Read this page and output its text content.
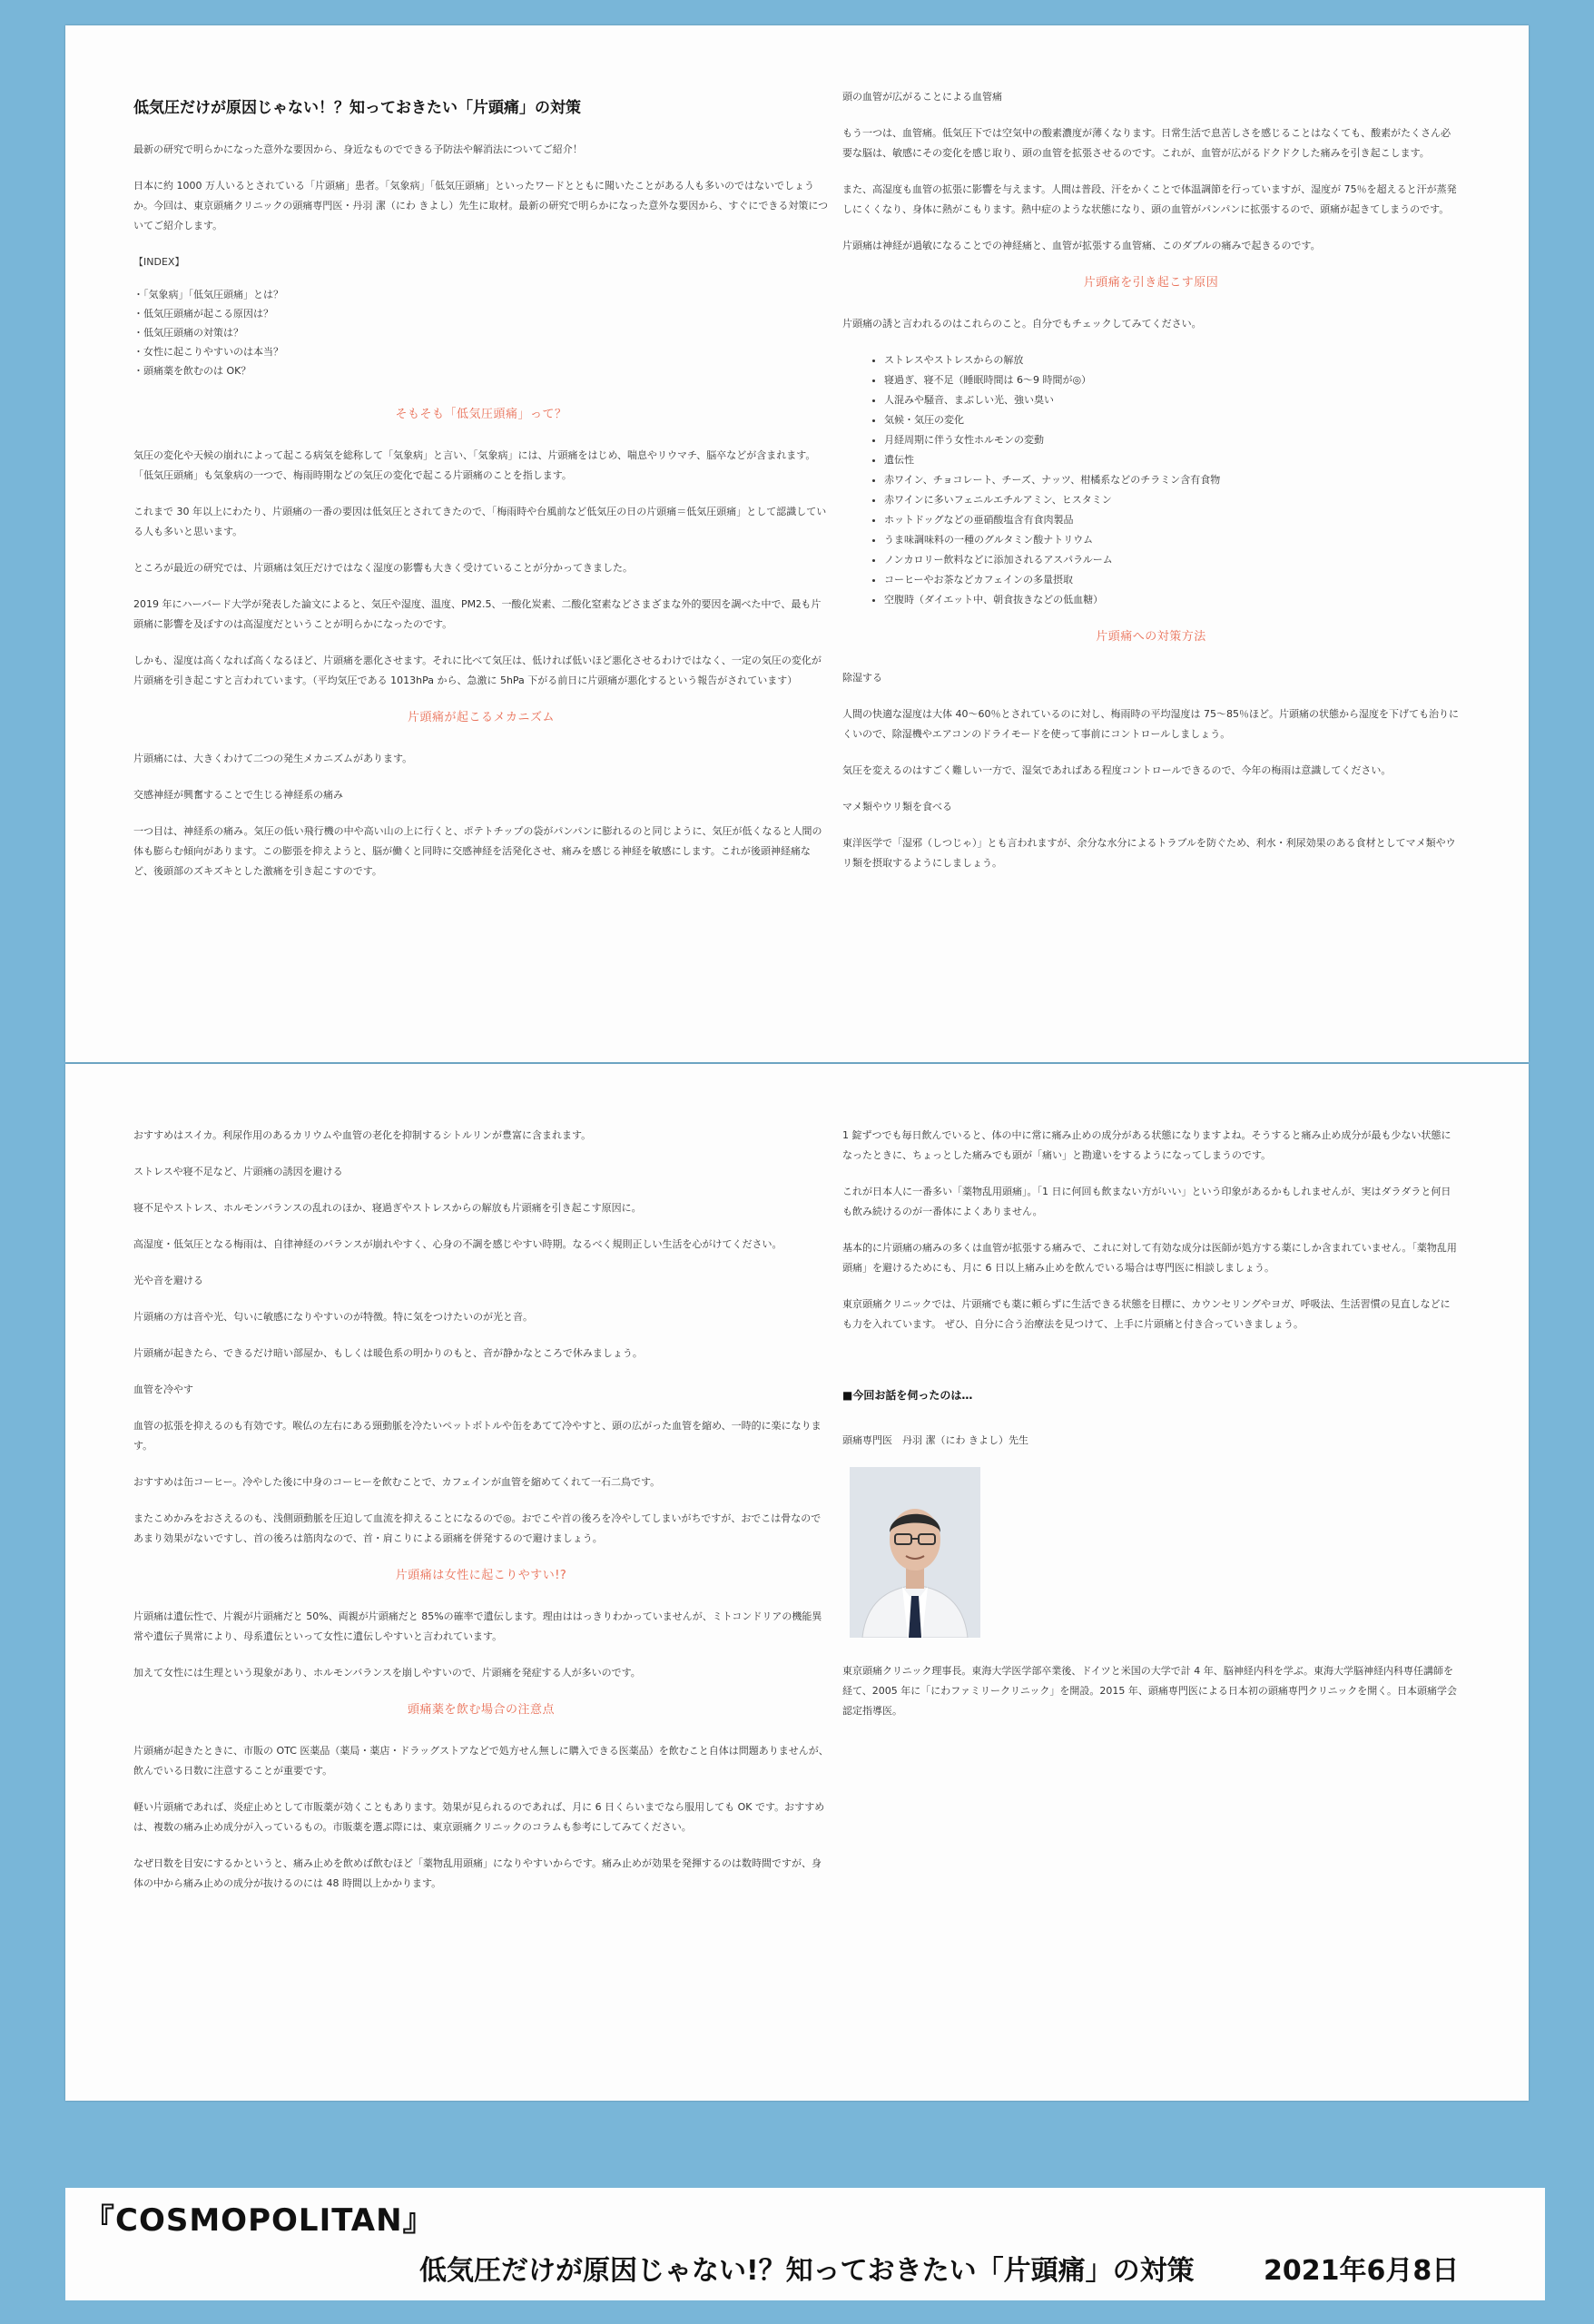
低気圧だけが原因じゃない！？知っておきたい「片頭痛」の対策

最新の研究で明らかになった意外な要因から、身近なものでできる予防法や解消法についてご紹介！

日本に約 1000 万人いるとされている「片頭痛」患者。「気象病」「低気圧頭痛」といったワードとともに聞いたことがある人も多いのではないでしょうか。今回は、東京頭痛クリニックの頭痛専門医・丹羽 潔（にわ きよし）先生に取材。最新の研究で明らかになった意外な要因から、すぐにできる対策についてご紹介します。

【INDEX】

・「気象病」「低気圧頭痛」とは？
・低気圧頭痛が起こる原因は？
・低気圧頭痛の対策は？
・女性に起こりやすいのは本当？
・頭痛薬を飲むのは OK？
そもそも「低気圧頭痛」って？

気圧の変化や天候の崩れによって起こる病気を総称して「気象病」と言い、「気象病」には、片頭痛をはじめ、喘息やリウマチ、脳卒などが含まれます。「低気圧頭痛」も気象病の一つで、梅雨時期などの気圧の変化で起こる片頭痛のことを指します。

これまで 30 年以上にわたり、片頭痛の一番の要因は低気圧とされてきたので、「梅雨時や台風前など低気圧の日の片頭痛＝低気圧頭痛」として認識している人も多いと思います。

ところが最近の研究では、片頭痛は気圧だけではなく湿度の影響も大きく受けていることが分かってきました。

2019 年にハーバード大学が発表した論文によると、気圧や湿度、温度、PM2.5、一酸化炭素、二酸化窒素などさまざまな外的要因を調べた中で、最も片頭痛に影響を及ぼすのは高湿度だということが明らかになったのです。

しかも、湿度は高くなれば高くなるほど、片頭痛を悪化させます。それに比べて気圧は、低ければ低いほど悪化させるわけではなく、一定の気圧の変化が片頭痛を引き起こすと言われています。（平均気圧である 1013hPa から、急激に 5hPa 下がる前日に片頭痛が悪化するという報告がされています）

片頭痛が起こるメカニズム

片頭痛には、大きくわけて二つの発生メカニズムがあります。

交感神経が興奮することで生じる神経系の痛み

一つ目は、神経系の痛み。気圧の低い飛行機の中や高い山の上に行くと、ポテトチップの袋がパンパンに膨れるのと同じように、気圧が低くなると人間の体も膨らむ傾向があります。この膨張を抑えようと、脳が働くと同時に交感神経を活発化させ、痛みを感じる神経を敏感にします。これが後頭神経痛など、後頭部のズキズキとした激痛を引き起こすのです。

頭の血管が広がることによる血管痛

もう一つは、血管痛。低気圧下では空気中の酸素濃度が薄くなります。日常生活で息苦しさを感じることはなくても、酸素がたくさん必要な脳は、敏感にその変化を感じ取り、頭の血管を拡張させるのです。これが、血管が広がるドクドクした痛みを引き起こします。

また、高湿度も血管の拡張に影響を与えます。人間は普段、汗をかくことで体温調節を行っていますが、湿度が 75％を超えると汗が蒸発しにくくなり、身体に熱がこもります。熱中症のような状態になり、頭の血管がパンパンに拡張するので、頭痛が起きてしまうのです。

片頭痛は神経が過敏になることでの神経痛と、血管が拡張する血管痛、このダブルの痛みで起きるのです。

片頭痛を引き起こす原因

片頭痛の誘と言われるのはこれらのこと。自分でもチェックしてみてください。

• ストレスやストレスからの解放
• 寝過ぎ、寝不足（睡眠時間は 6～9 時間が◎）
• 人混みや騒音、まぶしい光、強い臭い
• 気候・気圧の変化
• 月経周期に伴う女性ホルモンの変動
• 遺伝性
• 赤ワイン、チョコレート、チーズ、ナッツ、柑橘系などのチラミン含有食物
• 赤ワインに多いフェニルエチルアミン、ヒスタミン
• ホットドッグなどの亜硝酸塩含有食肉製品
• うま味調味料の一種のグルタミン酸ナトリウム
• ノンカロリー飲料などに添加されるアスパラルーム
• コーヒーやお茶などカフェインの多量摂取
• 空腹時（ダイエット中、朝食抜きなどの低血糖）
片頭痛への対策方法

除湿する

人間の快適な湿度は大体 40～60％とされているのに対し、梅雨時の平均湿度は 75～85％ほど。片頭痛の状態から湿度を下げても治りにくいので、除湿機やエアコンのドライモードを使って事前にコントロールしましょう。

気圧を変えるのはすごく難しい一方で、湿気であればある程度コントロールできるので、今年の梅雨は意識してください。

マメ類やウリ類を食べる

東洋医学で「湿邪（しつじゃ）」とも言われますが、余分な水分によるトラブルを防ぐため、利水・利尿効果のある食材としてマメ類やウリ類を摂取するようにしましょう。

おすすめはスイカ。利尿作用のあるカリウムや血管の老化を抑制するシトルリンが豊富に含まれます。

ストレスや寝不足など、片頭痛の誘因を避ける

寝不足やストレス、ホルモンバランスの乱れのほか、寝過ぎやストレスからの解放も片頭痛を引き起こす原因に。

高湿度・低気圧となる梅雨は、自律神経のバランスが崩れやすく、心身の不調を感じやすい時期。なるべく規則正しい生活を心がけてください。

光や音を避ける

片頭痛の方は音や光、匂いに敏感になりやすいのが特徴。特に気をつけたいのが光と音。

片頭痛が起きたら、できるだけ暗い部屋か、もしくは暖色系の明かりのもと、音が静かなところで休みましょう。

血管を冷やす

血管の拡張を抑えるのも有効です。喉仏の左右にある頸動脈を冷たいペットボトルや缶をあてて冷やすと、頭の広がった血管を縮め、一時的に楽になります。

おすすめは缶コーヒー。冷やした後に中身のコーヒーを飲むことで、カフェインが血管を縮めてくれて一石二鳥です。

またこめかみをおさえるのも、浅側頭動脈を圧迫して血流を抑えることになるので◎。おでこや首の後ろを冷やしてしまいがちですが、おでこは骨なのであまり効果がないですし、首の後ろは筋肉なので、首・肩こりによる頭痛を併発するので避けましょう。

片頭痛は女性に起こりやすい!?

片頭痛は遺伝性で、片親が片頭痛だと 50%、両親が片頭痛だと 85%の確率で遺伝します。理由ははっきりわかっていませんが、ミトコンドリアの機能異常や遺伝子異常により、母系遺伝といって女性に遺伝しやすいと言われています。

加えて女性には生理という現象があり、ホルモンバランスを崩しやすいので、片頭痛を発症する人が多いのです。

頭痛薬を飲む場合の注意点

片頭痛が起きたときに、市販の OTC 医薬品（薬局・薬店・ドラッグストアなどで処方せん無しに購入できる医薬品）を飲むこと自体は問題ありませんが、飲んでいる日数に注意することが重要です。

軽い片頭痛であれば、炎症止めとして市販薬が効くこともあります。効果が見られるのであれば、月に 6 日くらいまでなら服用しても OK です。おすすめは、複数の痛み止め成分が入っているもの。市販薬を選ぶ際には、東京頭痛クリニックのコラムも参考にしてみてください。

なぜ日数を目安にするかというと、痛み止めを飲めば飲むほど「薬物乱用頭痛」になりやすいからです。痛み止めが効果を発揮するのは数時間ですが、身体の中から痛み止めの成分が抜けるのには 48 時間以上かかります。

1 錠ずつでも毎日飲んでいると、体の中に常に痛み止めの成分がある状態になりますよね。そうすると痛み止め成分が最も少ない状態になったときに、ちょっとした痛みでも頭が「痛い」と勘違いをするようになってしまうのです。

これが日本人に一番多い「薬物乱用頭痛」。「1 日に何回も飲まない方がいい」という印象があるかもしれませんが、実はダラダラと何日も飲み続けるのが一番体によくありません。

基本的に片頭痛の痛みの多くは血管が拡張する痛みで、これに対して有効な成分は医師が処方する薬にしか含まれていません。「薬物乱用頭痛」を避けるためにも、月に 6 日以上痛み止めを飲んでいる場合は専門医に相談しましょう。

東京頭痛クリニックでは、片頭痛でも薬に頼らずに生活できる状態を目標に、カウンセリングやヨガ、呼吸法、生活習慣の見直しなどにも力を入れています。 ぜひ、自分に合う治療法を見つけて、上手に片頭痛と付き合っていきましょう。

■今回お話を伺ったのは…

頭痛専門医　丹羽 潔（にわ きよし）先生

東京頭痛クリニック理事長。東海大学医学部卒業後、ドイツと米国の大学で計 4 年、脳神経内科を学ぶ。東海大学脳神経内科専任講師を経て、2005 年に「にわファミリークリニック」を開設。2015 年、頭痛専門医による日本初の頭痛専門クリニックを開く。日本頭痛学会認定指導医。

『COSMOPOLITAN』
低気圧だけが原因じゃない!？知っておきたい「片頭痛」の対策	2021年6月8日
